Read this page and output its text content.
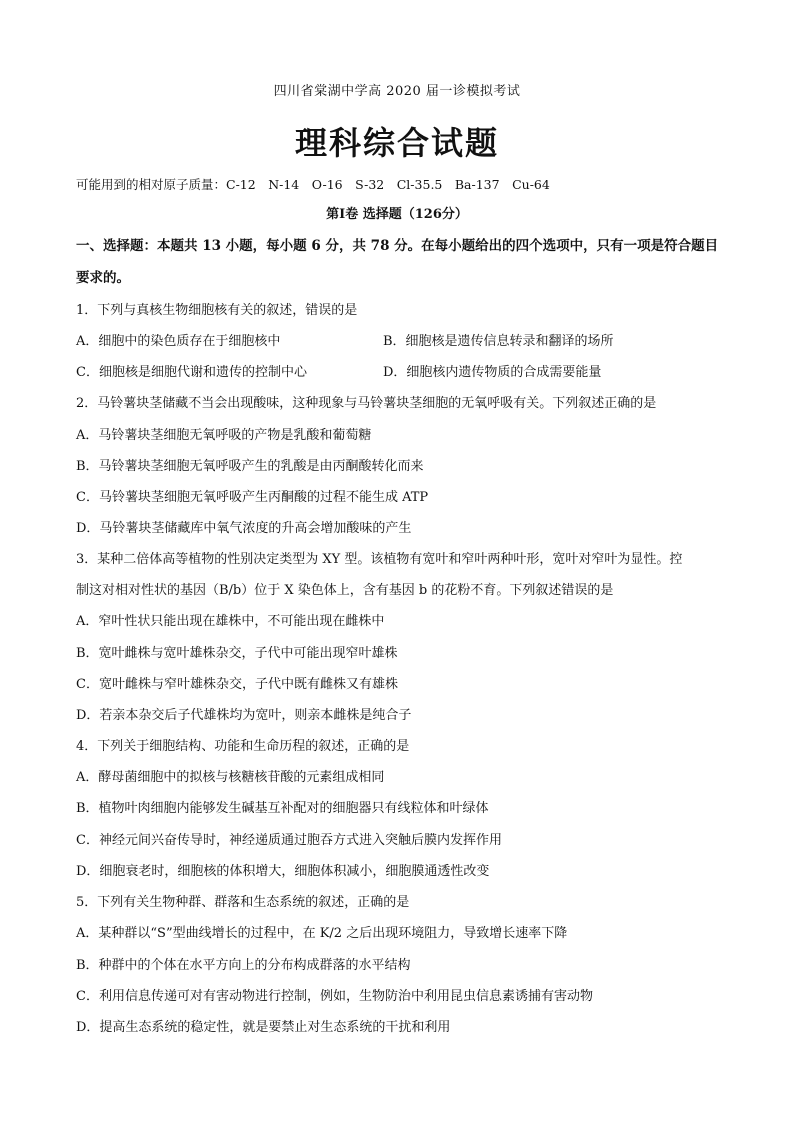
四川省棠湖中学高 2020 届一诊模拟考试
理科综合试题
可能用到的相对原子质量：C-12　N-14　O-16　S-32　Cl-35.5　Ba-137　Cu-64
第Ⅰ卷 选择题（126分）
一、选择题：本题共 13 小题，每小题 6 分，共 78 分。在每小题给出的四个选项中，只有一项是符合题目
要求的。
1．下列与真核生物细胞核有关的叙述，错误的是
A．细胞中的染色质存在于细胞核中	B．细胞核是遗传信息转录和翻译的场所
C．细胞核是细胞代谢和遗传的控制中心	D．细胞核内遗传物质的合成需要能量
2．马铃薯块茎储藏不当会出现酸味，这种现象与马铃薯块茎细胞的无氧呼吸有关。下列叙述正确的是
A．马铃薯块茎细胞无氧呼吸的产物是乳酸和葡萄糖
B．马铃薯块茎细胞无氧呼吸产生的乳酸是由丙酮酸转化而来
C．马铃薯块茎细胞无氧呼吸产生丙酮酸的过程不能生成 ATP
D．马铃薯块茎储藏库中氧气浓度的升高会增加酸味的产生
3．某种二倍体高等植物的性别决定类型为 XY 型。该植物有宽叶和窄叶两种叶形，宽叶对窄叶为显性。控
制这对相对性状的基因（B/b）位于 X 染色体上，含有基因 b 的花粉不育。下列叙述错误的是
A．窄叶性状只能出现在雄株中，不可能出现在雌株中
B．宽叶雌株与宽叶雄株杂交，子代中可能出现窄叶雄株
C．宽叶雌株与窄叶雄株杂交，子代中既有雌株又有雄株
D．若亲本杂交后子代雄株均为宽叶，则亲本雌株是纯合子
4．下列关于细胞结构、功能和生命历程的叙述，正确的是
A．酵母菌细胞中的拟核与核糖核苷酸的元素组成相同
B．植物叶肉细胞内能够发生碱基互补配对的细胞器只有线粒体和叶绿体
C．神经元间兴奋传导时，神经递质通过胞吞方式进入突触后膜内发挥作用
D．细胞衰老时，细胞核的体积增大，细胞体积减小，细胞膜通透性改变
5．下列有关生物种群、群落和生态系统的叙述，正确的是
A．某种群以“S”型曲线增长的过程中，在 K/2 之后出现环境阻力，导致增长速率下降
B．种群中的个体在水平方向上的分布构成群落的水平结构
C．利用信息传递可对有害动物进行控制，例如，生物防治中利用昆虫信息素诱捕有害动物
D．提高生态系统的稳定性，就是要禁止对生态系统的干扰和利用
